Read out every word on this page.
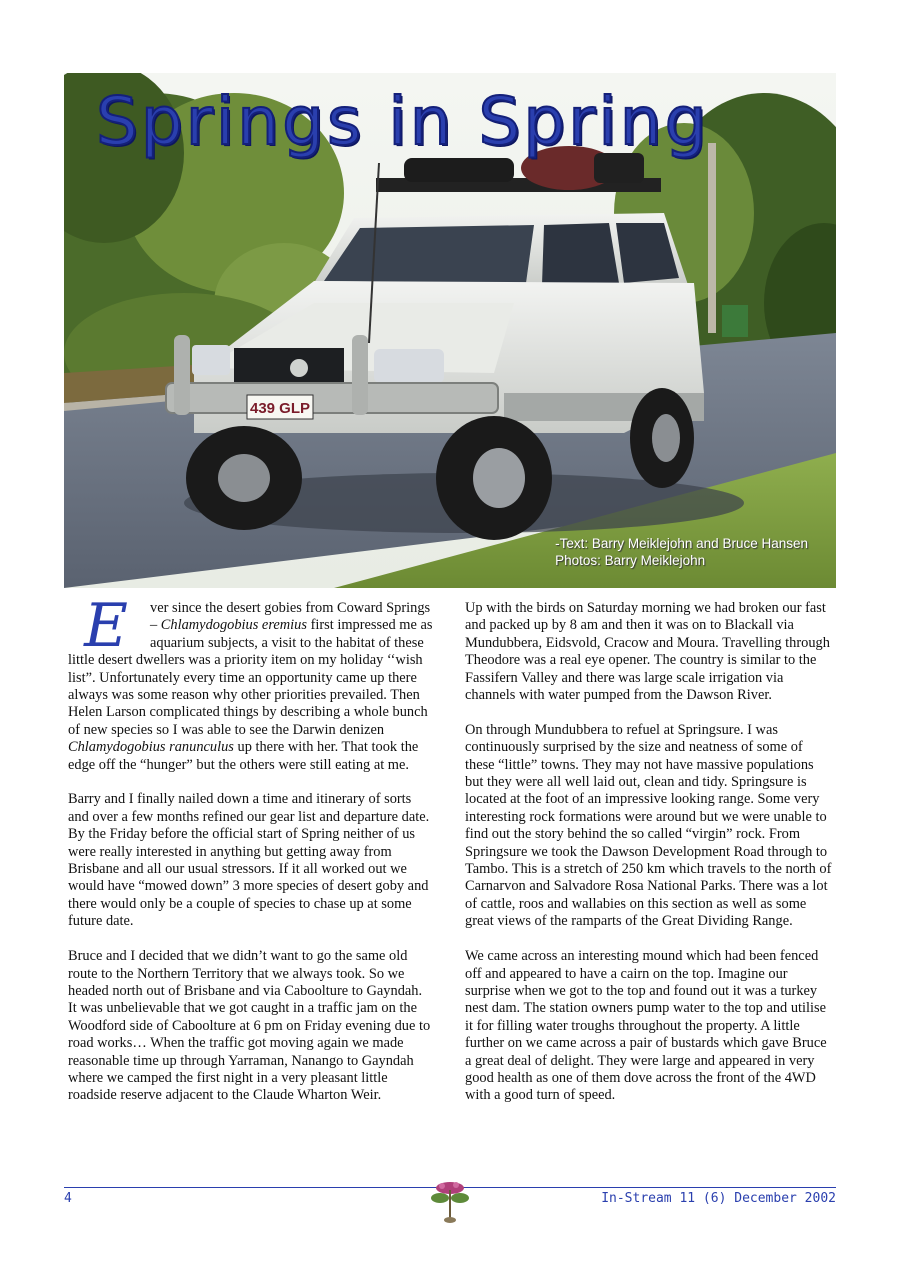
439 GLP
Springs in Spring
-Text: Barry Meiklejohn and Bruce Hansen
Photos: Barry Meiklejohn

E	ver since the desert gobies from Coward Springs – Chlamydogobius eremius first impressed me as aquarium subjects, a visit to the habitat of these little desert dwellers was a priority item on my holiday ‘‘wish list”. Unfortunately every time an opportunity came up there always was some reason why other priorities prevailed. Then Helen Larson complicated things by describing a whole bunch of new species so I was able to see the Darwin denizen Chlamydogobius ranunculus up there with her. That took the edge off the “hunger” but the others were still eating at me.

Barry and I finally nailed down a time and itinerary of sorts and over a few months refined our gear list and departure date. By the Friday before the official start of Spring neither of us were really interested in anything but getting away from Brisbane and all our usual stressors. If it all worked out we would have “mowed down” 3 more species of desert goby and there would only be a couple of species to chase up at some future date.

Bruce and I decided that we didn’t want to go the same old route to the Northern Territory that we always took. So we headed north out of Brisbane and via Caboolture to Gayndah. It was unbelievable that we got caught in a traffic jam on the Woodford side of Caboolture at 6 pm on Friday evening due to road works… When the traffic got moving again we made reasonable time up through Yarraman, Nanango to Gayndah where we camped the first night in a very pleasant little roadside reserve adjacent to the Claude Wharton Weir.

Up with the birds on Saturday morning we had broken our fast and packed up by 8 am and then it was on to Blackall via Mundubbera, Eidsvold, Cracow and Moura. Travelling through Theodore was a real eye opener. The country is similar to the Fassifern Valley and there was large scale irrigation via channels with water pumped from the Dawson River.

On through Mundubbera to refuel at Springsure. I was continuously surprised by the size and neatness of some of these “little” towns. They may not have massive populations but they were all well laid out, clean and tidy. Springsure is located at the foot of an impressive looking range. Some very interesting rock formations were around but we were unable to find out the story behind the so called “virgin” rock. From Springsure we took the Dawson Development Road through to Tambo. This is a stretch of 250 km which travels to the north of Carnarvon and Salvadore Rosa National Parks. There was a lot of cattle, roos and wallabies on this section as well as some great views of the ramparts of the Great Dividing Range.

We came across an interesting mound which had been fenced off and appeared to have a cairn on the top. Imagine our surprise when we got to the top and found out it was a turkey nest dam. The station owners pump water to the top and utilise it for filling water troughs throughout the property. A little further on we came across a pair of bustards which gave Bruce a great deal of delight. They were large and appeared in very good health as one of them dove across the front of the 4WD with a good turn of speed.

4	In-Stream 11 (6) December 2002
